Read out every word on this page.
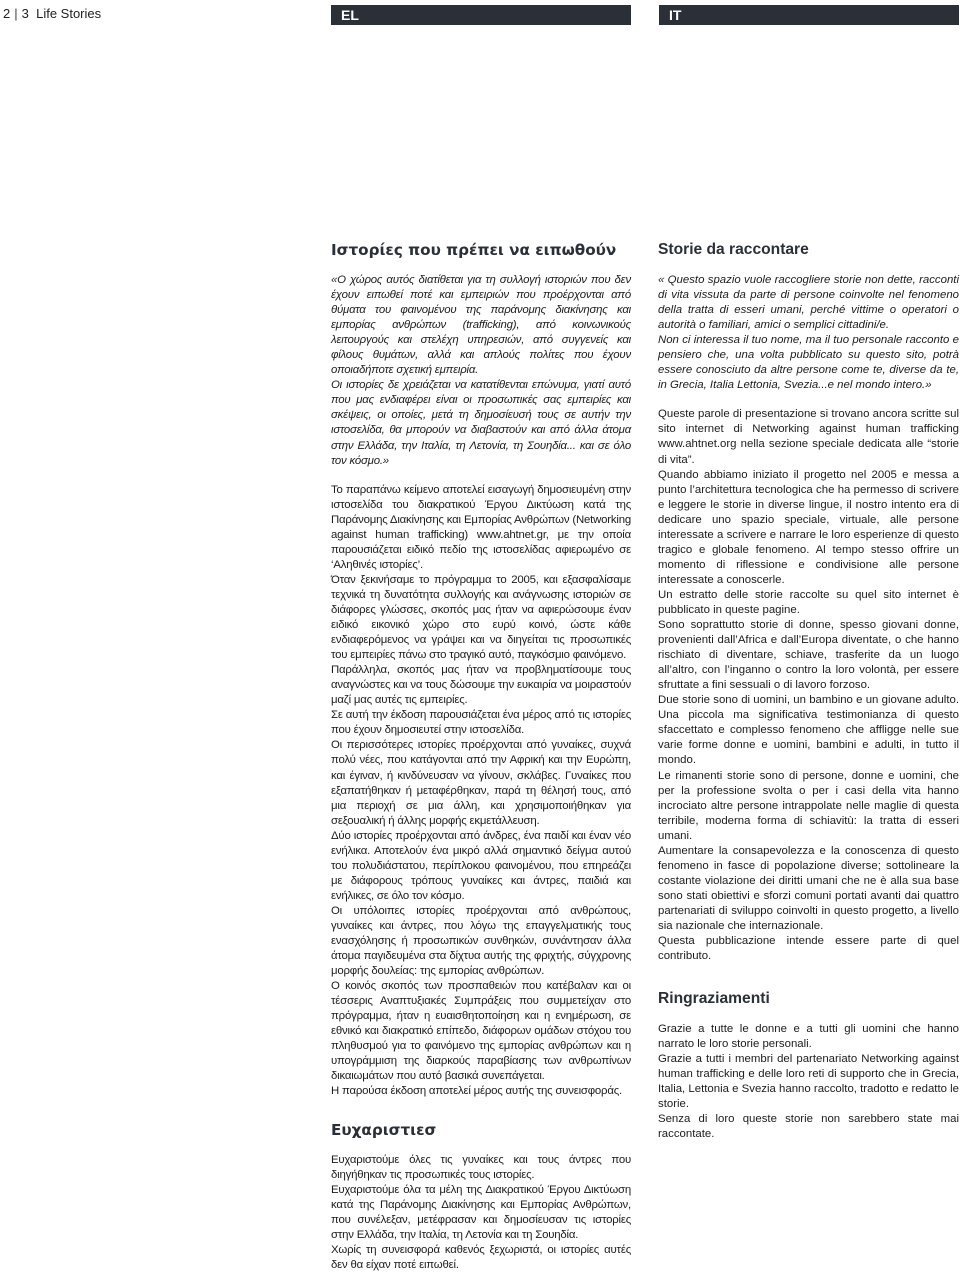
2 | 3 Life Stories	EL	IT
Ιστορίες που πρέπει να ειπωθούν

«Ο χώρος αυτός διατίθεται για τη συλλογή ιστοριών που δεν έχουν ειπωθεί ποτέ και εμπειριών που προέρχονται από θύματα του φαινομένου της παράνομης διακίνησης και εμπορίας ανθρώπων (trafficking), από κοινωνικούς λειτουργούς και στελέχη υπηρεσιών, από συγγενείς και φίλους θυμάτων, αλλά και απλούς πολίτες που έχουν οποιαδήποτε σχετική εμπειρία.

Οι ιστορίες δε χρειάζεται να κατατίθενται επώνυμα, γιατί αυτό που μας ενδιαφέρει είναι οι προσωπικές σας εμπειρίες και σκέψεις, οι οποίες, μετά τη δημοσίευσή τους σε αυτήν την ιστοσελίδα, θα μπορούν να διαβαστούν και από άλλα άτομα στην Ελλάδα, την Ιταλία, τη Λετονία, τη Σουηδία... και σε όλο τον κόσμο.»

Το παραπάνω κείμενο αποτελεί εισαγωγή δημοσιευμένη στην ιστοσελίδα του διακρατικού Έργου Δικτύωση κατά της Παράνομης Διακίνησης και Εμπορίας Ανθρώπων (Networking against human trafficking) www.ahtnet.gr, με την οποία παρουσιάζεται ειδικό πεδίο της ιστοσελίδας αφιερωμένο σε ‘Αληθινές ιστορίες’.

Όταν ξεκινήσαμε το πρόγραμμα το 2005, και εξασφαλίσαμε τεχνικά τη δυνατότητα συλλογής και ανάγνωσης ιστοριών σε διάφορες γλώσσες, σκοπός μας ήταν να αφιερώσουμε έναν ειδικό εικονικό χώρο στο ευρύ κοινό, ώστε κάθε ενδιαφερόμενος να γράψει και να διηγείται τις προσωπικές του εμπειρίες πάνω στο τραγικό αυτό, παγκόσμιο φαινόμενο.

Παράλληλα, σκοπός μας ήταν να προβληματίσουμε τους αναγνώστες και να τους δώσουμε την ευκαιρία να μοιραστούν μαζί μας αυτές τις εμπειρίες.

Σε αυτή την έκδοση παρουσιάζεται ένα μέρος από τις ιστορίες που έχουν δημοσιευτεί στην ιστοσελίδα.

Οι περισσότερες ιστορίες προέρχονται από γυναίκες, συχνά πολύ νέες, που κατάγονται από την Αφρική και την Ευρώπη, και έγιναν, ή κινδύνευσαν να γίνουν, σκλάβες. Γυναίκες που εξαπατήθηκαν ή μεταφέρθηκαν, παρά τη θέλησή τους, από μια περιοχή σε μια άλλη, και χρησιμοποιήθηκαν για σεξουαλική ή άλλης μορφής εκμετάλλευση.

Δύο ιστορίες προέρχονται από άνδρες, ένα παιδί και έναν νέο ενήλικα. Αποτελούν ένα μικρό αλλά σημαντικό δείγμα αυτού του πολυδιάστατου, περίπλοκου φαινομένου, που επηρεάζει με διάφορους τρόπους γυναίκες και άντρες, παιδιά και ενήλικες, σε όλο τον κόσμο.

Οι υπόλοιπες ιστορίες προέρχονται από ανθρώπους, γυναίκες και άντρες, που λόγω της επαγγελματικής τους ενασχόλησης ή προσωπικών συνθηκών, συνάντησαν άλλα άτομα παγιδευμένα στα δίχτυα αυτής της φριχτής, σύγχρονης μορφής δουλείας: της εμπορίας ανθρώπων.

Ο κοινός σκοπός των προσπαθειών που κατέβαλαν και οι τέσσερις Αναπτυξιακές Συμπράξεις που συμμετείχαν στο πρόγραμμα, ήταν η ευαισθητοποίηση και η ενημέρωση, σε εθνικό και διακρατικό επίπεδο, διάφορων ομάδων στόχου του πληθυσμού για το φαινόμενο της εμπορίας ανθρώπων και η υπογράμμιση της διαρκούς παραβίασης των ανθρωπίνων δικαιωμάτων που αυτό βασικά συνεπάγεται.

Η παρούσα έκδοση αποτελεί μέρος αυτής της συνεισφοράς.

Ευχαριστιεσ

Ευχαριστούμε όλες τις γυναίκες και τους άντρες που διηγήθηκαν τις προσωπικές τους ιστορίες.

Ευχαριστούμε όλα τα μέλη της Διακρατικού Έργου Δικτύωση κατά της Παράνομης Διακίνησης και Εμπορίας Ανθρώπων, που συνέλεξαν, μετέφρασαν και δημοσίευσαν τις ιστορίες στην Ελλάδα, την Ιταλία, τη Λετονία και τη Σουηδία.

Χωρίς τη συνεισφορά καθενός ξεχωριστά, οι ιστορίες αυτές δεν θα είχαν ποτέ ειπωθεί.

Storie da raccontare

« Questo spazio vuole raccogliere storie non dette, racconti di vita vissuta da parte di persone coinvolte nel fenomeno della tratta di esseri umani, perché vittime o operatori o autorità o familiari, amici o semplici cittadini/e.

Non ci interessa il tuo nome, ma il tuo personale racconto e pensiero che, una volta pubblicato su questo sito, potrà essere conosciuto da altre persone come te, diverse da te, in Grecia, Italia Lettonia, Svezia...e nel mondo intero.»

Queste parole di presentazione si trovano ancora scritte sul sito internet di Networking against human trafficking www.ahtnet.org nella sezione speciale dedicata alle “storie di vita”.

Quando abbiamo iniziato il progetto nel 2005 e messa a punto l’architettura tecnologica che ha permesso di scrivere e leggere le storie in diverse lingue, il nostro intento era di dedicare uno spazio speciale, virtuale, alle persone interessate a scrivere e narrare le loro esperienze di questo tragico e globale fenomeno. Al tempo stesso offrire un momento di riflessione e condivisione alle persone interessate a conoscerle.

Un estratto delle storie raccolte su quel sito internet è pubblicato in queste pagine.

Sono soprattutto storie di donne, spesso giovani donne, provenienti dall’Africa e dall’Europa diventate, o che hanno rischiato di diventare, schiave, trasferite da un luogo all’altro, con l’inganno o contro la loro volontà, per essere sfruttate a fini sessuali o di lavoro forzoso.

Due storie sono di uomini, un bambino e un giovane adulto. Una piccola ma significativa testimonianza di questo sfaccettato e complesso fenomeno che affligge nelle sue varie forme donne e uomini, bambini e adulti, in tutto il mondo.

Le rimanenti storie sono di persone, donne e uomini, che per la professione svolta o per i casi della vita hanno incrociato altre persone intrappolate nelle maglie di questa terribile, moderna forma di schiavitù: la tratta di esseri umani.

Aumentare la consapevolezza e la conoscenza di questo fenomeno in fasce di popolazione diverse; sottolineare la costante violazione dei diritti umani che ne è alla sua base sono stati obiettivi e sforzi comuni portati avanti dai quattro partenariati di sviluppo coinvolti in questo progetto, a livello sia nazionale che internazionale.

Questa pubblicazione intende essere parte di quel contributo.

Ringraziamenti

Grazie a tutte le donne e a tutti gli uomini che hanno narrato le loro storie personali.

Grazie a tutti i membri del partenariato Networking against human trafficking e delle loro reti di supporto che in Grecia, Italia, Lettonia e Svezia hanno raccolto, tradotto e redatto le storie.

Senza di loro queste storie non sarebbero state mai raccontate.
